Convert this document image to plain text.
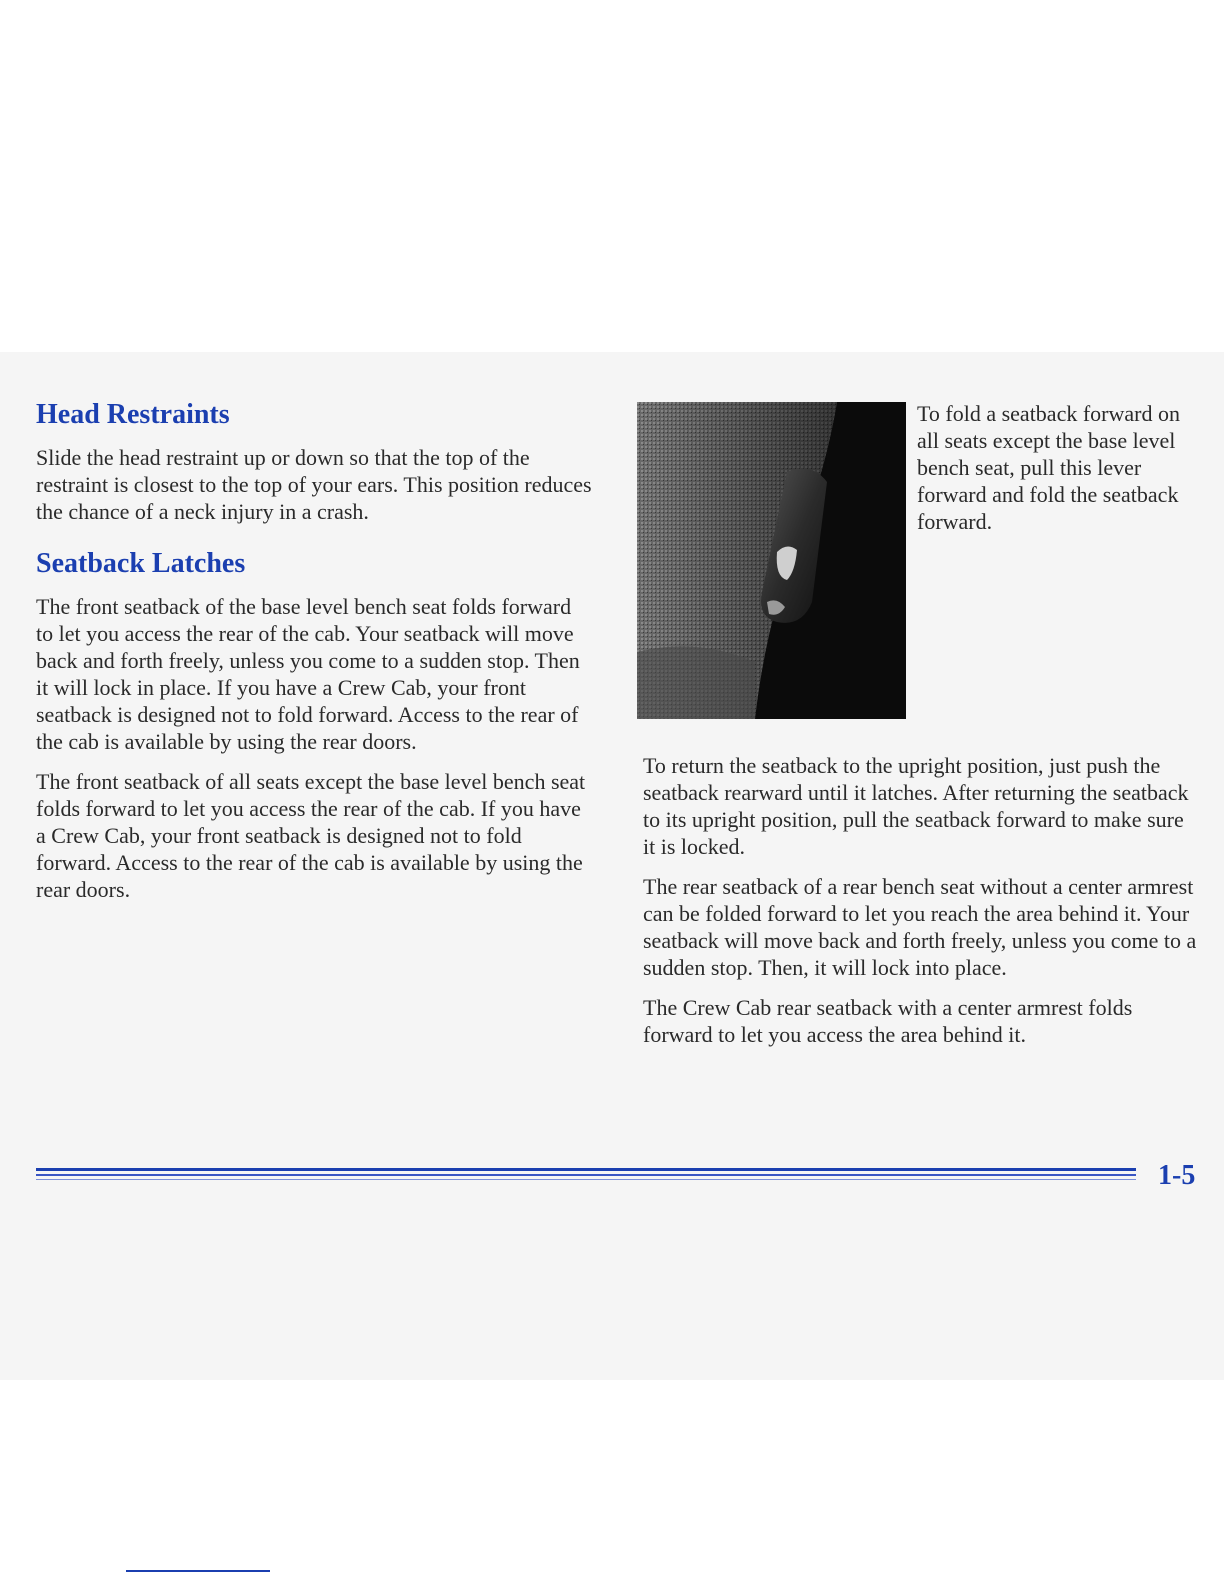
Head Restraints

Slide the head restraint up or down so that the top of the restraint is closest to the top of your ears. This position reduces the chance of a neck injury in a crash.

Seatback Latches

The front seatback of the base level bench seat folds forward to let you access the rear of the cab. Your seatback will move back and forth freely, unless you come to a sudden stop. Then it will lock in place. If you have a Crew Cab, your front seatback is designed not to fold forward. Access to the rear of the cab is available by using the rear doors.

The front seatback of all seats except the base level bench seat folds forward to let you access the rear of the cab. If you have a Crew Cab, your front seatback is designed not to fold forward. Access to the rear of the cab is available by using the rear doors.

To fold a seatback forward on all seats except the base level bench seat, pull this lever forward and fold the seatback forward.

To return the seatback to the upright position, just push the seatback rearward until it latches. After returning the seatback to its upright position, pull the seatback forward to make sure it is locked.

The rear seatback of a rear bench seat without a center armrest can be folded forward to let you reach the area behind it. Your seatback will move back and forth freely, unless you come to a sudden stop. Then, it will lock into place.

The Crew Cab rear seatback with a center armrest folds forward to let you access the area behind it.

1-5
